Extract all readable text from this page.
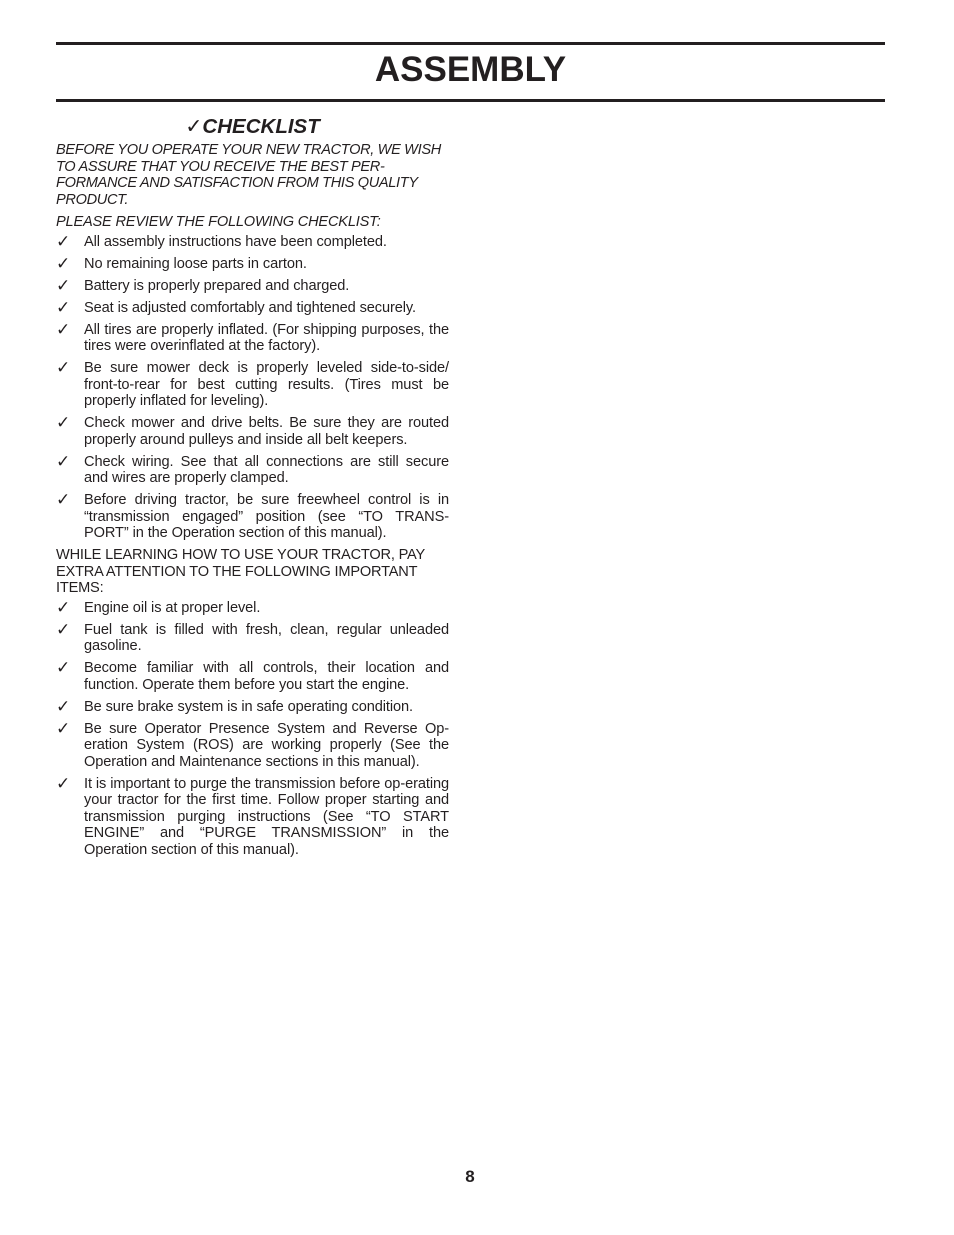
ASSEMBLY
✓CHECKLIST

BEFORE YOU OPERATE YOUR NEW TRACTOR, WE WISH TO ASSURE THAT YOU RECEIVE THE BEST PER-FORMANCE AND SATISFACTION FROM THIS QUALITY PRODUCT.

PLEASE REVIEW THE FOLLOWING CHECKLIST:

✓ All assembly instructions have been completed.
✓ No remaining loose parts in carton.
✓ Battery is properly prepared and charged.
✓ Seat is adjusted comfortably and tightened securely.
✓ All tires are properly inflated. (For shipping purposes, the tires were overinflated at the factory).
✓ Be sure mower deck is properly leveled side-to-side/ front-to-rear for best cutting results. (Tires must be properly inflated for leveling).
✓ Check mower and drive belts. Be sure they are routed properly around pulleys and inside all belt keepers.
✓ Check wiring. See that all connections are still secure and wires are properly clamped.
✓ Before driving tractor, be sure freewheel control is in “transmission engaged” position (see “TO TRANS-PORT” in the Operation section of this manual).

WHILE LEARNING HOW TO USE YOUR TRACTOR, PAY EXTRA ATTENTION TO THE FOLLOWING IMPORTANT ITEMS:

✓ Engine oil is at proper level.
✓ Fuel tank is filled with fresh, clean, regular unleaded gasoline.
✓ Become familiar with all controls, their location and function. Operate them before you start the engine.
✓ Be sure brake system is in safe operating condition.
✓ Be sure Operator Presence System and Reverse Op-eration System (ROS) are working properly (See the Operation and Maintenance sections in this manual).
✓ It is important to purge the transmission before op-erating your tractor for the first time. Follow proper starting and transmission purging instructions (See “TO START ENGINE” and “PURGE TRANSMISSION” in the Operation section of this manual).
8
